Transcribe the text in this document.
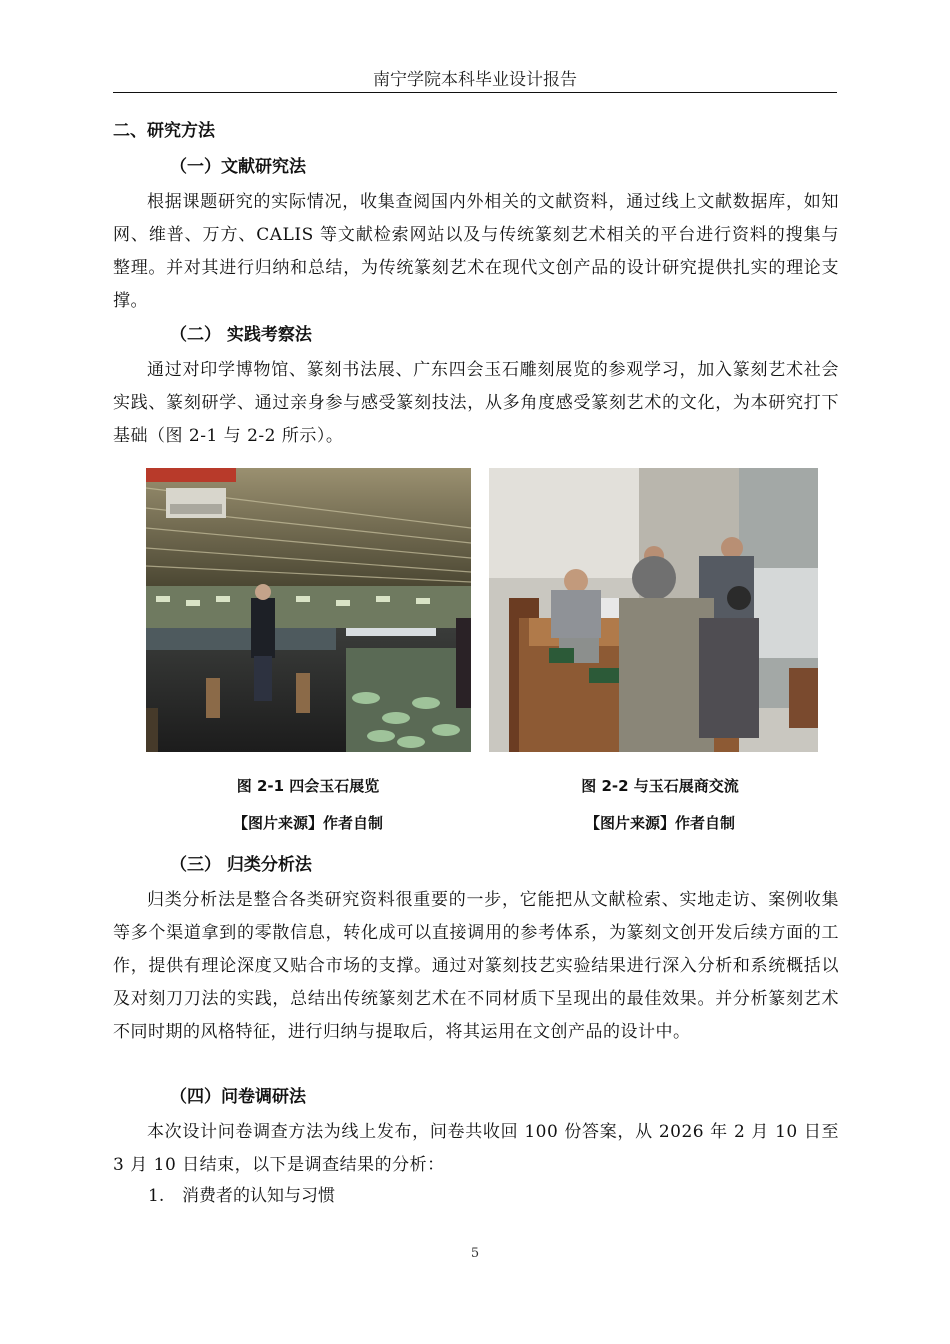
南宁学院本科毕业设计报告
二、研究方法
（一）文献研究法

根据课题研究的实际情况，收集查阅国内外相关的文献资料，通过线上文献数据库，如知网、维普、万方、CALIS 等文献检索网站以及与传统篆刻艺术相关的平台进行资料的搜集与整理。并对其进行归纳和总结，为传统篆刻艺术在现代文创产品的设计研究提供扎实的理论支撑。

（二） 实践考察法

通过对印学博物馆、篆刻书法展、广东四会玉石雕刻展览的参观学习，加入篆刻艺术社会实践、篆刻研学、通过亲身参与感受篆刻技法，从多角度感受篆刻艺术的文化，为本研究打下基础（图 2-1 与 2-2 所示）。

图 2-1 四会玉石展览	图 2-2 与玉石展商交流
【图片来源】作者自制	【图片来源】作者自制
（三） 归类分析法

归类分析法是整合各类研究资料很重要的一步，它能把从文献检索、实地走访、案例收集等多个渠道拿到的零散信息，转化成可以直接调用的参考体系，为篆刻文创开发后续方面的工作，提供有理论深度又贴合市场的支撑。通过对篆刻技艺实验结果进行深入分析和系统概括以及对刻刀刀法的实践，总结出传统篆刻艺术在不同材质下呈现出的最佳效果。并分析篆刻艺术不同时期的风格特征，进行归纳与提取后，将其运用在文创产品的设计中。

（四）问卷调研法

本次设计问卷调查方法为线上发布，问卷共收回 100 份答案，从 2026 年 2 月 10 日至 3 月 10 日结束，以下是调查结果的分析：

1. 消费者的认知与习惯
5
